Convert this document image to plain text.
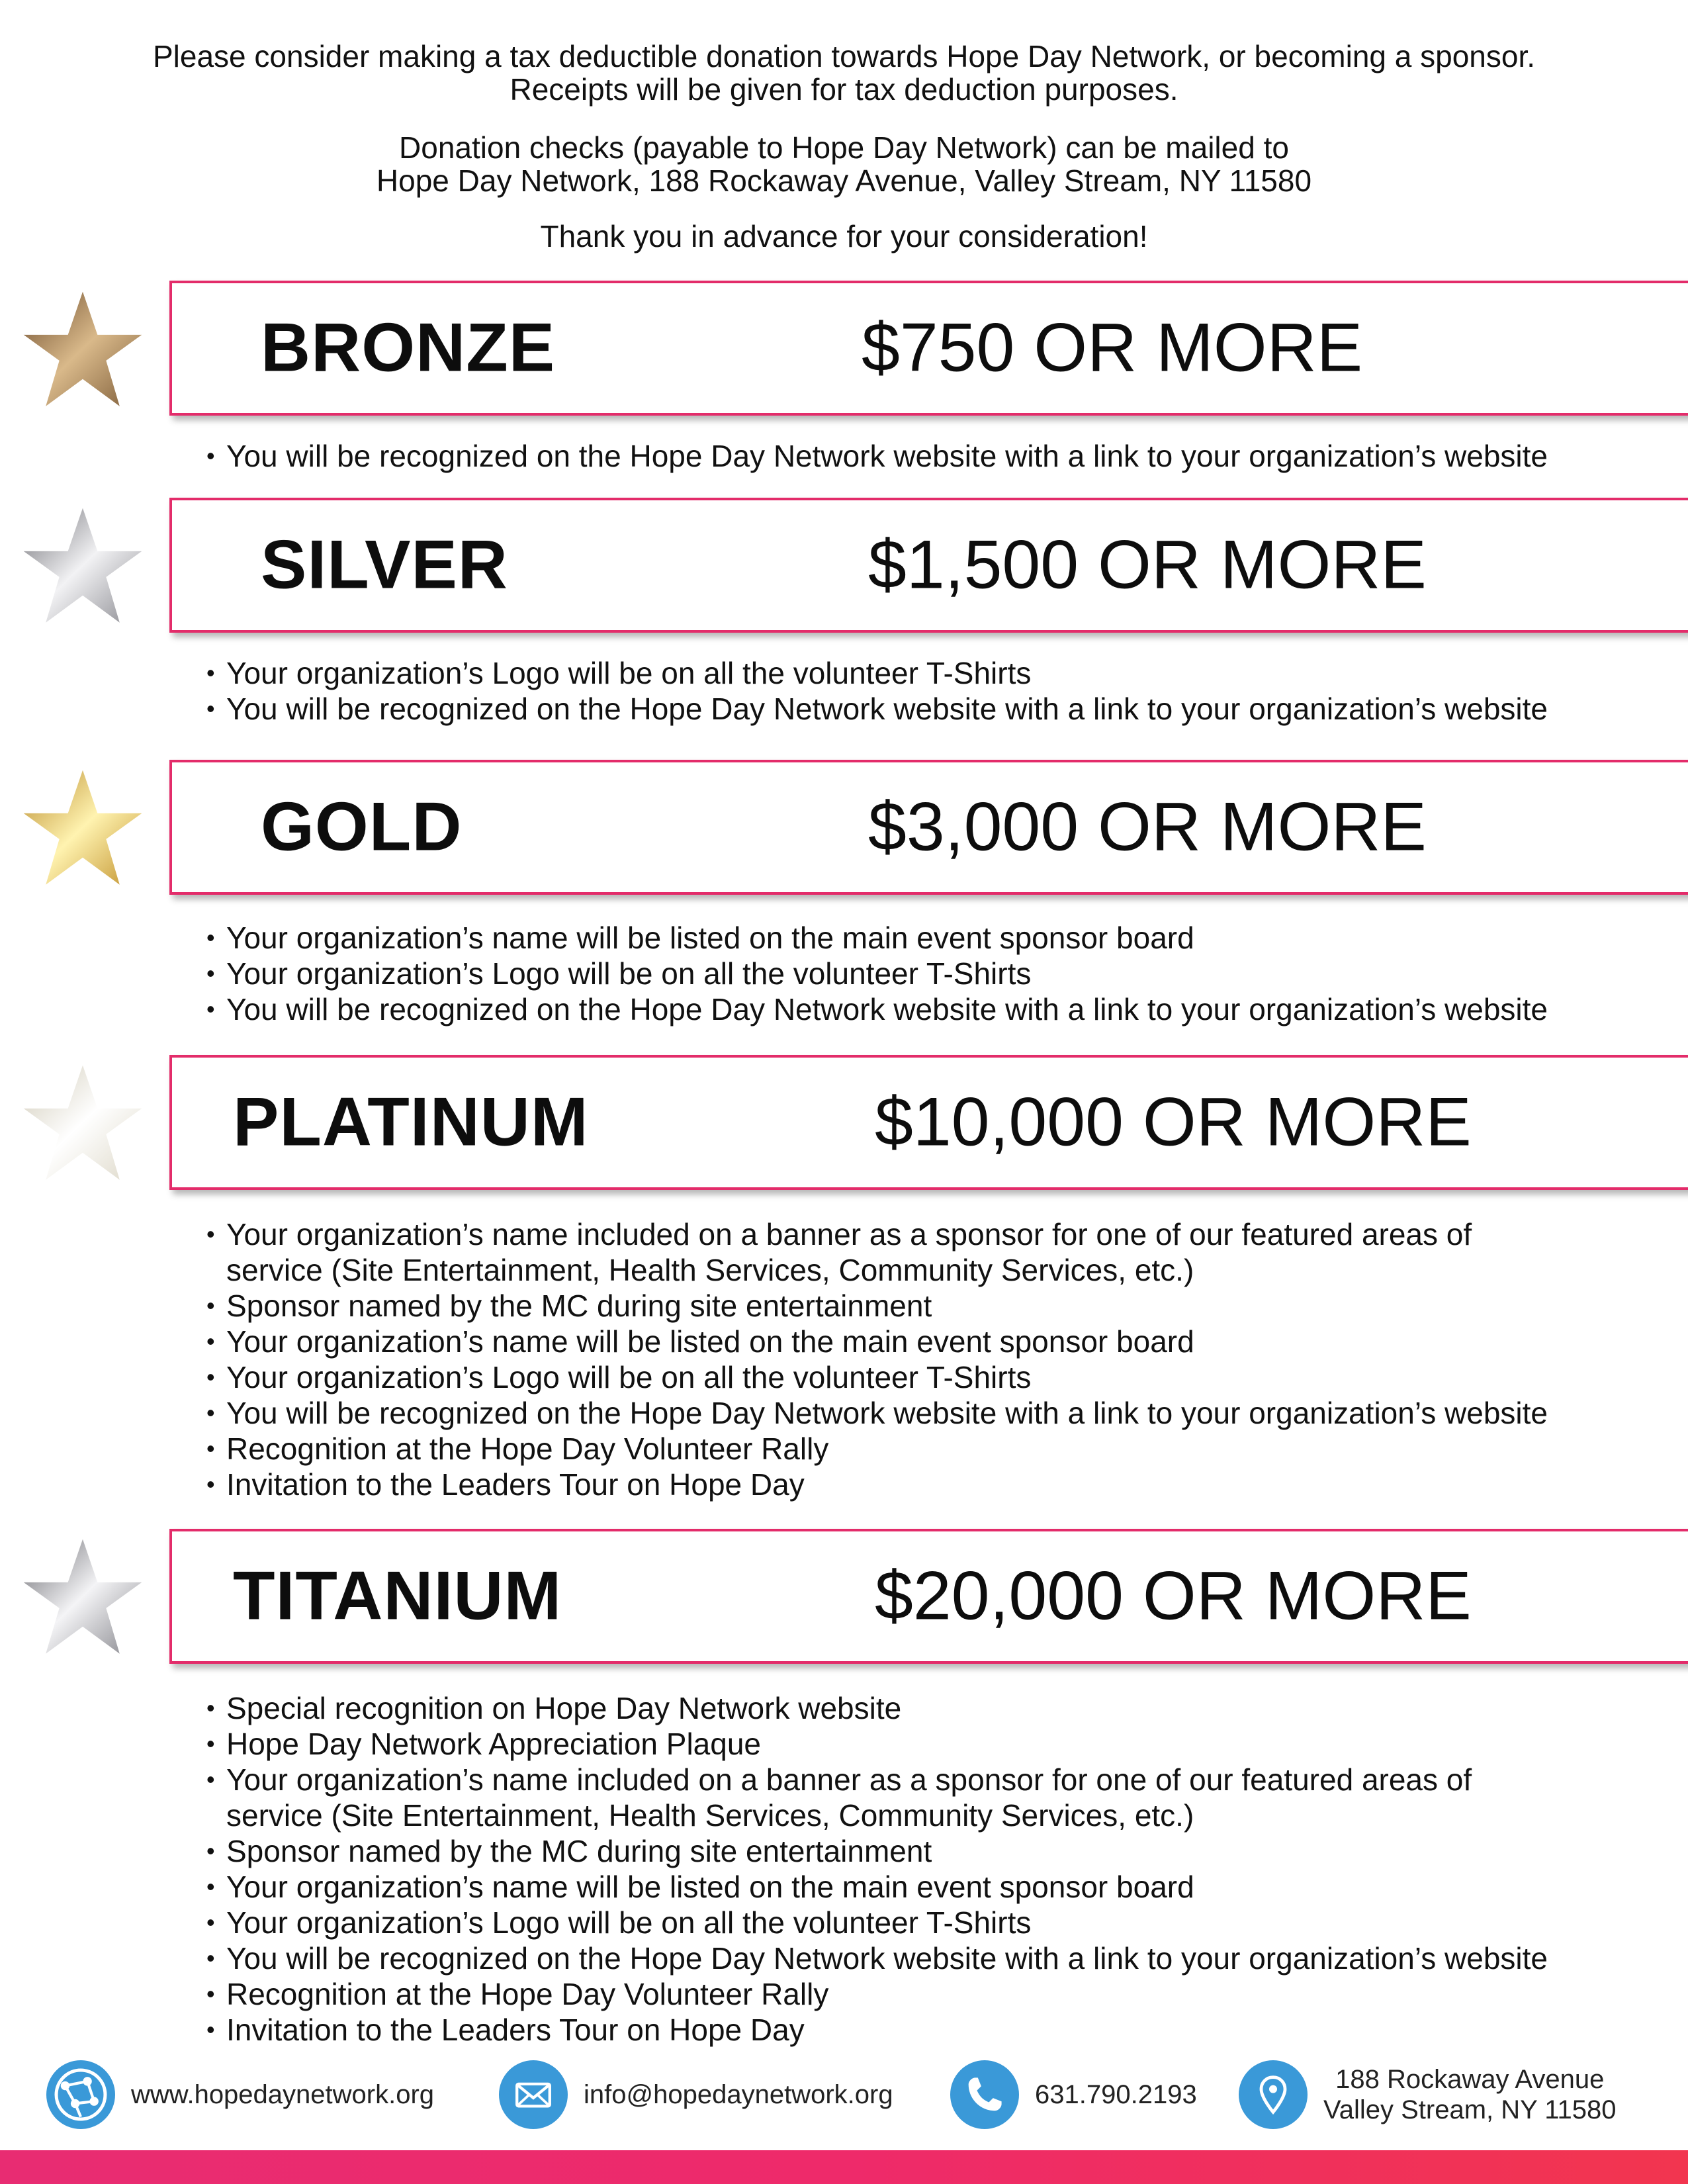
Please consider making a tax deductible donation towards Hope Day Network, or becoming a sponsor.
Receipts will be given for tax deduction purposes.
Donation checks (payable to Hope Day Network) can be mailed to
Hope Day Network, 188 Rockaway Avenue, Valley Stream, NY 11580
Thank you in advance for your consideration!
BRONZE	$750 OR MORE
• You will be recognized on the Hope Day Network website with a link to your organization’s website
SILVER	$1,500 OR MORE
• Your organization’s Logo will be on all the volunteer T-Shirts
• You will be recognized on the Hope Day Network website with a link to your organization’s website
GOLD	$3,000 OR MORE
• Your organization’s name will be listed on the main event sponsor board
• Your organization’s Logo will be on all the volunteer T-Shirts
• You will be recognized on the Hope Day Network website with a link to your organization’s website
PLATINUM	$10,000 OR MORE
• Your organization’s name included on a banner as a sponsor for one of our featured areas of
service (Site Entertainment, Health Services, Community Services, etc.)
• Sponsor named by the MC during site entertainment
• Your organization’s name will be listed on the main event sponsor board
• Your organization’s Logo will be on all the volunteer T-Shirts
• You will be recognized on the Hope Day Network website with a link to your organization’s website
• Recognition at the Hope Day Volunteer Rally
• Invitation to the Leaders Tour on Hope Day
TITANIUM	$20,000 OR MORE
• Special recognition on Hope Day Network website
• Hope Day Network Appreciation Plaque
• Your organization’s name included on a banner as a sponsor for one of our featured areas of
service (Site Entertainment, Health Services, Community Services, etc.)
• Sponsor named by the MC during site entertainment
• Your organization’s name will be listed on the main event sponsor board
• Your organization’s Logo will be on all the volunteer T-Shirts
• You will be recognized on the Hope Day Network website with a link to your organization’s website
• Recognition at the Hope Day Volunteer Rally
• Invitation to the Leaders Tour on Hope Day
www.hopedaynetwork.org	info@hopedaynetwork.org	631.790.2193
188 Rockaway Avenue
Valley Stream, NY 11580
